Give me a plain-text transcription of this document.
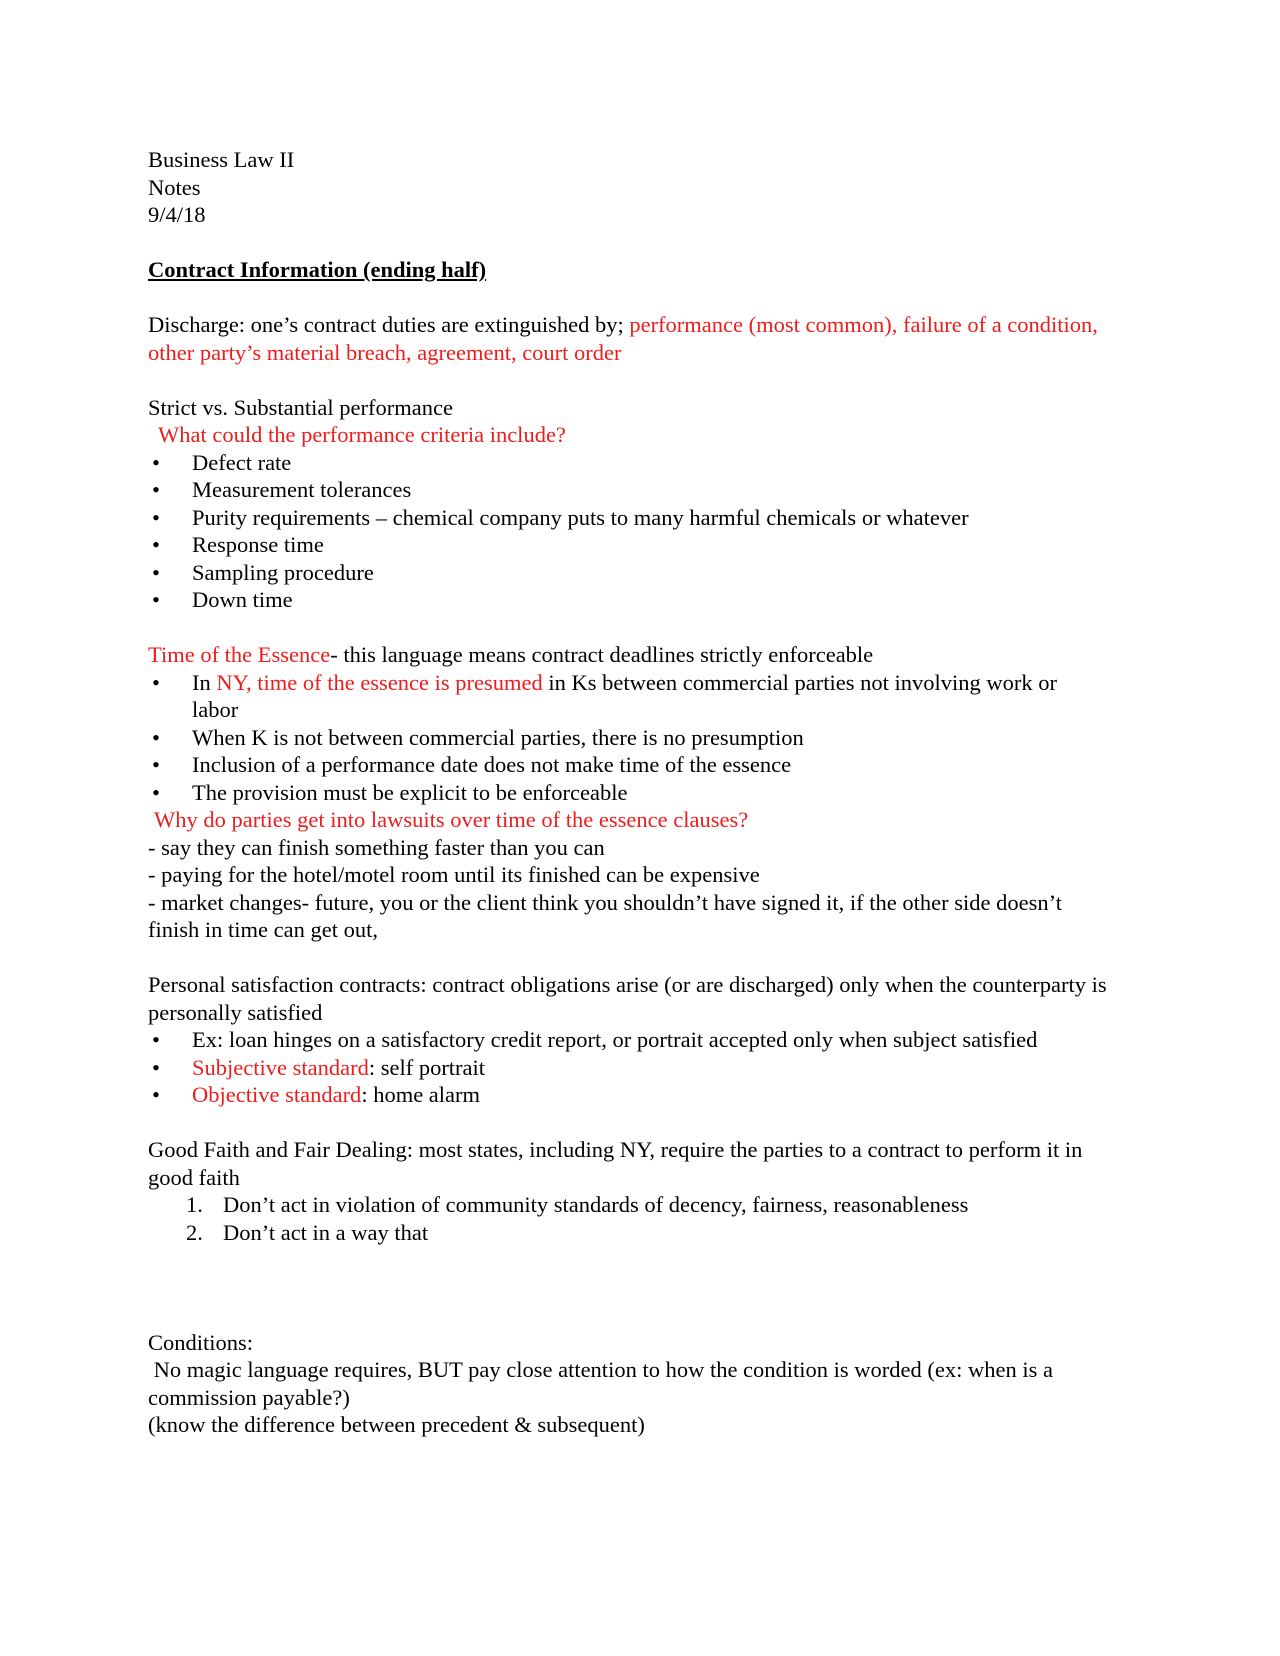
Business Law II

Notes

9/4/18

Contract Information (ending half)

Discharge: one’s contract duties are extinguished by; performance (most common), failure of a condition, other party’s material breach, agreement, court order

Strict vs. Substantial performance

What could the performance criteria include?

• Defect rate
• Measurement tolerances
• Purity requirements – chemical company puts to many harmful chemicals or whatever
• Response time
• Sampling procedure
• Down time

Time of the Essence- this language means contract deadlines strictly enforceable

• In NY, time of the essence is presumed in Ks between commercial parties not involving work or labor
• When K is not between commercial parties, there is no presumption
• Inclusion of a performance date does not make time of the essence
• The provision must be explicit to be enforceable

Why do parties get into lawsuits over time of the essence clauses?

- say they can finish something faster than you can

- paying for the hotel/motel room until its finished can be expensive

- market changes- future, you or the client think you shouldn’t have signed it, if the other side doesn’t finish in time can get out,

Personal satisfaction contracts: contract obligations arise (or are discharged) only when the counterparty is personally satisfied

• Ex: loan hinges on a satisfactory credit report, or portrait accepted only when subject satisfied
• Subjective standard: self portrait
• Objective standard: home alarm

Good Faith and Fair Dealing: most states, including NY, require the parties to a contract to perform it in good faith

1. Don’t act in violation of community standards of decency, fairness, reasonableness
2. Don’t act in a way that

Conditions:

No magic language requires, BUT pay close attention to how the condition is worded (ex: when is a commission payable?)

(know the difference between precedent & subsequent)
